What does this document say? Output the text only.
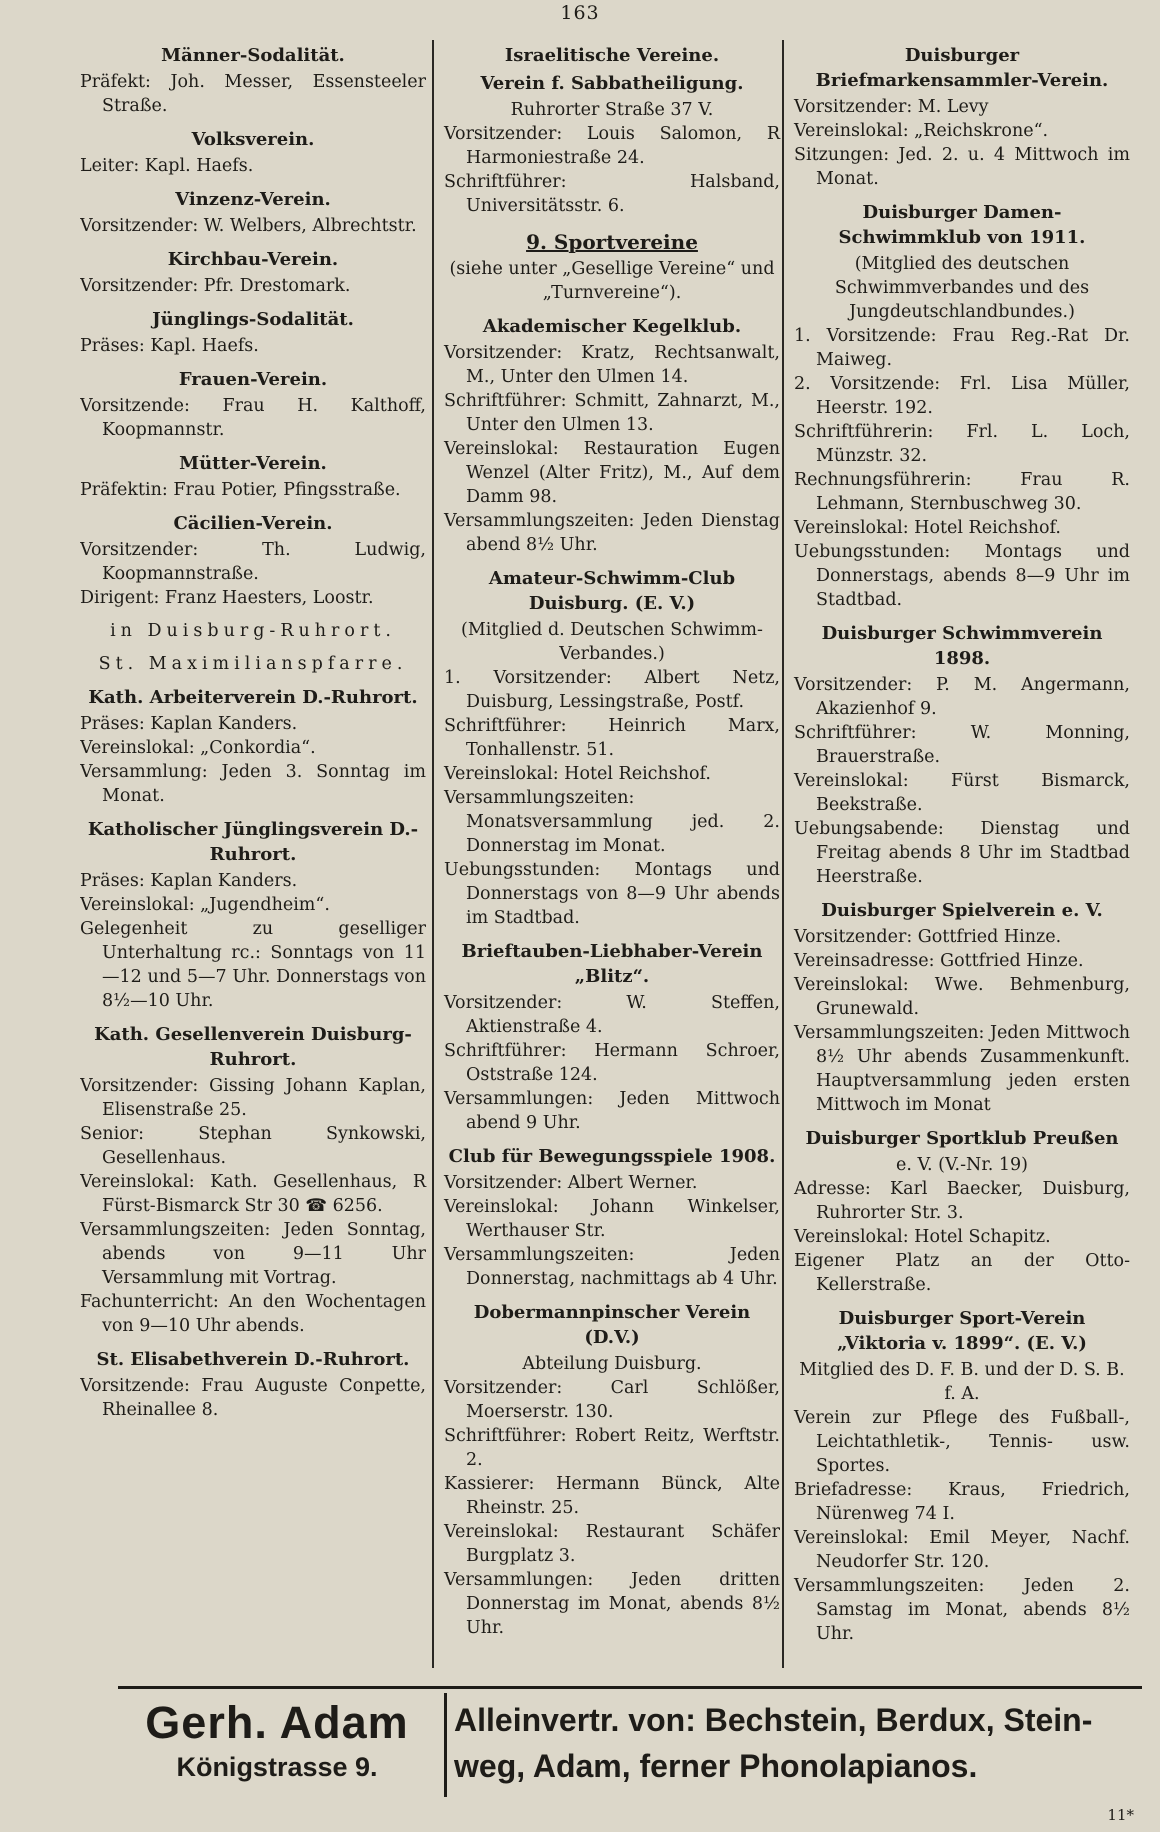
163
Männer-Sodalität.

Präfekt: Joh. Messer, Essensteeler Straße.

Volksverein.

Leiter: Kapl. Haefs.

Vinzenz-Verein.

Vorsitzender: W. Welbers, Albrechtstr.

Kirchbau-Verein.

Vorsitzender: Pfr. Drestomark.

Jünglings-Sodalität.

Präses: Kapl. Haefs.

Frauen-Verein.

Vorsitzende: Frau H. Kalthoff, Koopmannstr.

Mütter-Verein.

Präfektin: Frau Potier, Pfingsstraße.

Cäcilien-Verein.

Vorsitzender: Th. Ludwig, Koopmannstraße.

Dirigent: Franz Haesters, Loostr.

in Duisburg-Ruhrort.
St. Maximilianspfarre.
Kath. Arbeiterverein D.-Ruhrort.

Präses: Kaplan Kanders.

Vereinslokal: „Conkordia“.

Versammlung: Jeden 3. Sonntag im Monat.

Katholischer Jünglingsverein D.-Ruhrort.

Präses: Kaplan Kanders.

Vereinslokal: „Jugendheim“.

Gelegenheit zu geselliger Unterhaltung rc.: Sonntags von 11—12 und 5—7 Uhr. Donnerstags von 8½—10 Uhr.

Kath. Gesellenverein Duisburg-Ruhrort.

Vorsitzender: Gissing Johann Kaplan, Elisenstraße 25.

Senior: Stephan Synkowski, Gesellenhaus.

Vereinslokal: Kath. Gesellenhaus, R Fürst-Bismarck Str 30 ☎ 6256.

Versammlungszeiten: Jeden Sonntag, abends von 9—11 Uhr Versammlung mit Vortrag.

Fachunterricht: An den Wochentagen von 9—10 Uhr abends.

St. Elisabethverein D.-Ruhrort.

Vorsitzende: Frau Auguste Conpette, Rheinallee 8.

Israelitische Vereine.
Verein f. Sabbatheiligung.
Ruhrorter Straße 37 V.

Vorsitzender: Louis Salomon, R Harmoniestraße 24.

Schriftführer: Halsband, Universitätsstr. 6.

9. Sportvereine
(siehe unter „Gesellige Vereine“ und „Turnvereine“).
Akademischer Kegelklub.

Vorsitzender: Kratz, Rechtsanwalt, M., Unter den Ulmen 14.

Schriftführer: Schmitt, Zahnarzt, M., Unter den Ulmen 13.

Vereinslokal: Restauration Eugen Wenzel (Alter Fritz), M., Auf dem Damm 98.

Versammlungszeiten: Jeden Dienstag abend 8½ Uhr.

Amateur-Schwimm-Club Duisburg. (E. V.)
(Mitglied d. Deutschen Schwimm-Verbandes.)

1. Vorsitzender: Albert Netz, Duisburg, Lessingstraße, Postf.

Schriftführer: Heinrich Marx, Tonhallenstr. 51.

Vereinslokal: Hotel Reichshof.

Versammlungszeiten: Monatsversammlung jed. 2. Donnerstag im Monat.

Uebungsstunden: Montags und Donnerstags von 8—9 Uhr abends im Stadtbad.

Brieftauben-Liebhaber-Verein „Blitz“.

Vorsitzender: W. Steffen, Aktienstraße 4.

Schriftführer: Hermann Schroer, Oststraße 124.

Versammlungen: Jeden Mittwoch abend 9 Uhr.

Club für Bewegungsspiele 1908.

Vorsitzender: Albert Werner.

Vereinslokal: Johann Winkelser, Werthauser Str.

Versammlungszeiten: Jeden Donnerstag, nachmittags ab 4 Uhr.

Dobermannpinscher Verein (D.V.)
Abteilung Duisburg.

Vorsitzender: Carl Schlößer, Moerserstr. 130.

Schriftführer: Robert Reitz, Werftstr. 2.

Kassierer: Hermann Bünck, Alte Rheinstr. 25.

Vereinslokal: Restaurant Schäfer Burgplatz 3.

Versammlungen: Jeden dritten Donnerstag im Monat, abends 8½ Uhr.

Duisburger Briefmarkensammler-Verein.

Vorsitzender: M. Levy

Vereinslokal: „Reichskrone“.

Sitzungen: Jed. 2. u. 4 Mittwoch im Monat.

Duisburger Damen-Schwimmklub von 1911.
(Mitglied des deutschen Schwimmverbandes und des Jungdeutschlandbundes.)

1. Vorsitzende: Frau Reg.-Rat Dr. Maiweg.

2. Vorsitzende: Frl. Lisa Müller, Heerstr. 192.

Schriftführerin: Frl. L. Loch, Münzstr. 32.

Rechnungsführerin: Frau R. Lehmann, Sternbuschweg 30.

Vereinslokal: Hotel Reichshof.

Uebungsstunden: Montags und Donnerstags, abends 8—9 Uhr im Stadtbad.

Duisburger Schwimmverein 1898.

Vorsitzender: P. M. Angermann, Akazienhof 9.

Schriftführer: W. Monning, Brauerstraße.

Vereinslokal: Fürst Bismarck, Beekstraße.

Uebungsabende: Dienstag und Freitag abends 8 Uhr im Stadtbad Heerstraße.

Duisburger Spielverein e. V.

Vorsitzender: Gottfried Hinze.

Vereinsadresse: Gottfried Hinze.

Vereinslokal: Wwe. Behmenburg, Grunewald.

Versammlungszeiten: Jeden Mittwoch 8½ Uhr abends Zusammenkunft. Hauptversammlung jeden ersten Mittwoch im Monat

Duisburger Sportklub Preußen
e. V. (V.-Nr. 19)

Adresse: Karl Baecker, Duisburg, Ruhrorter Str. 3.

Vereinslokal: Hotel Schapitz.

Eigener Platz an der Otto-Kellerstraße.

Duisburger Sport-Verein „Viktoria v. 1899“. (E. V.)
Mitglied des D. F. B. und der D. S. B. f. A.

Verein zur Pflege des Fußball-, Leichtathletik-, Tennis- usw. Sportes.

Briefadresse: Kraus, Friedrich, Nürenweg 74 I.

Vereinslokal: Emil Meyer, Nachf. Neudorfer Str. 120.

Versammlungszeiten: Jeden 2. Samstag im Monat, abends 8½ Uhr.

Gerh. Adam
Königstrasse 9.
Alleinvertr. von: Bechstein, Berdux, Stein-
weg, Adam, ferner Phonolapianos.
11*
